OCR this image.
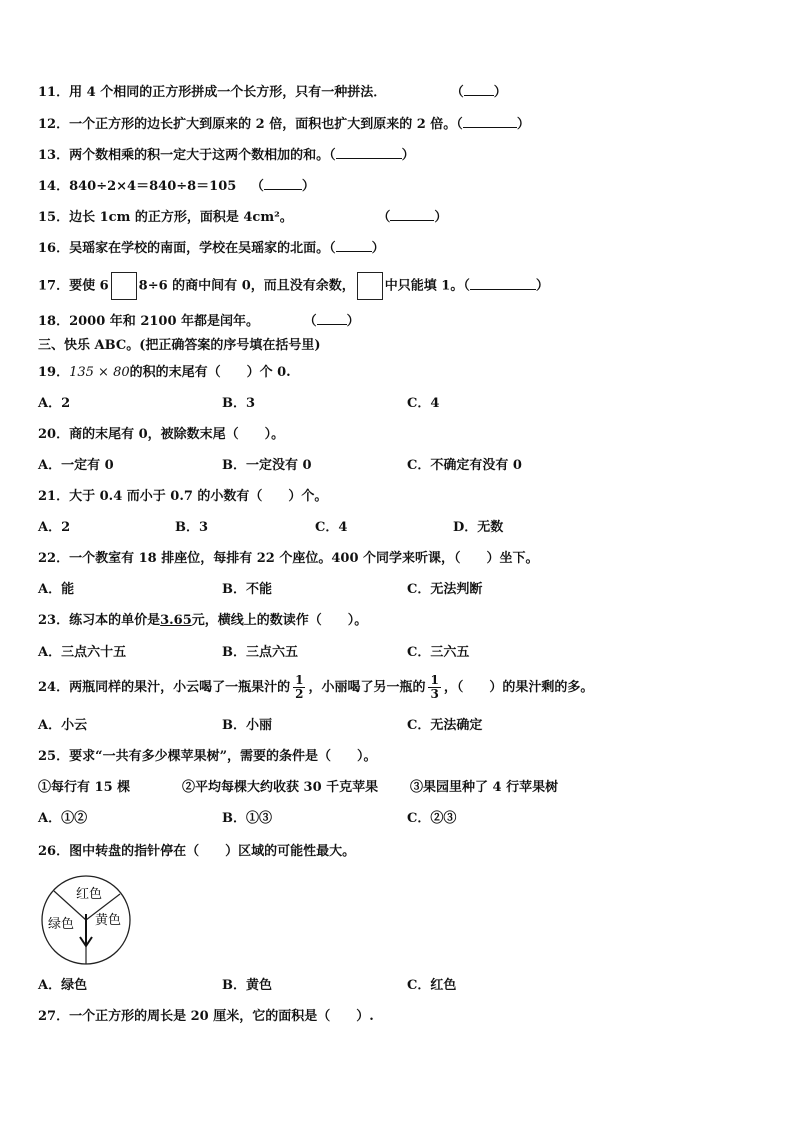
11．用 4 个相同的正方形拼成一个长方形，只有一种拼法．	（ ）
12．一个正方形的边长扩大到原来的 2 倍，面积也扩大到原来的 2 倍。（	）
13．两个数相乘的积一定大于这两个数相加的和。（	）
14．840÷2×4＝840÷8＝105 （	）
15．边长 1cm 的正方形，面积是 4cm²。	（	）
16．吴瑶家在学校的南面，学校在吴瑶家的北面。（	）
17．要使 6 8÷6 的商中间有 0，而且没有余数， 中只能填 1。（	）
18．2000 年和 2100 年都是闰年。	（ ）
三、快乐 ABC。(把正确答案的序号填在括号里)
19．135 × 80的积的末尾有（　　）个 0.
A．2	B．3	C．4
20．商的末尾有 0，被除数末尾（　　）。
A．一定有 0	B．一定没有 0	C．不确定有没有 0
21．大于 0.4 而小于 0.7 的小数有（　　）个。
A．2	B．3	C．4	D．无数
22．一个教室有 18 排座位，每排有 22 个座位。400 个同学来听课，（　　）坐下。
A．能	B．不能	C．无法判断
23．练习本的单价是3.65元，横线上的数读作（　　）。
A．三点六十五	B．三点六五	C．三六五
24．两瓶同样的果汁，小云喝了一瓶果汁的 $\frac{1}{2}$ ，小丽喝了另一瓶的 $\frac{1}{3}$ ，（　　）的果汁剩的多。
A．小云	B．小丽	C．无法确定
25．要求“一共有多少棵苹果树”，需要的条件是（　　）。
①每行有 15 棵	②平均每棵大约收获 30 千克苹果 ③果园里种了 4 行苹果树
A．①②	B．①③	C．②③
26．图中转盘的指针停在（　　）区域的可能性最大。
红色
绿色 黄色
A．绿色	B．黄色	C．红色
27．一个正方形的周长是 20 厘米，它的面积是（　　）.
